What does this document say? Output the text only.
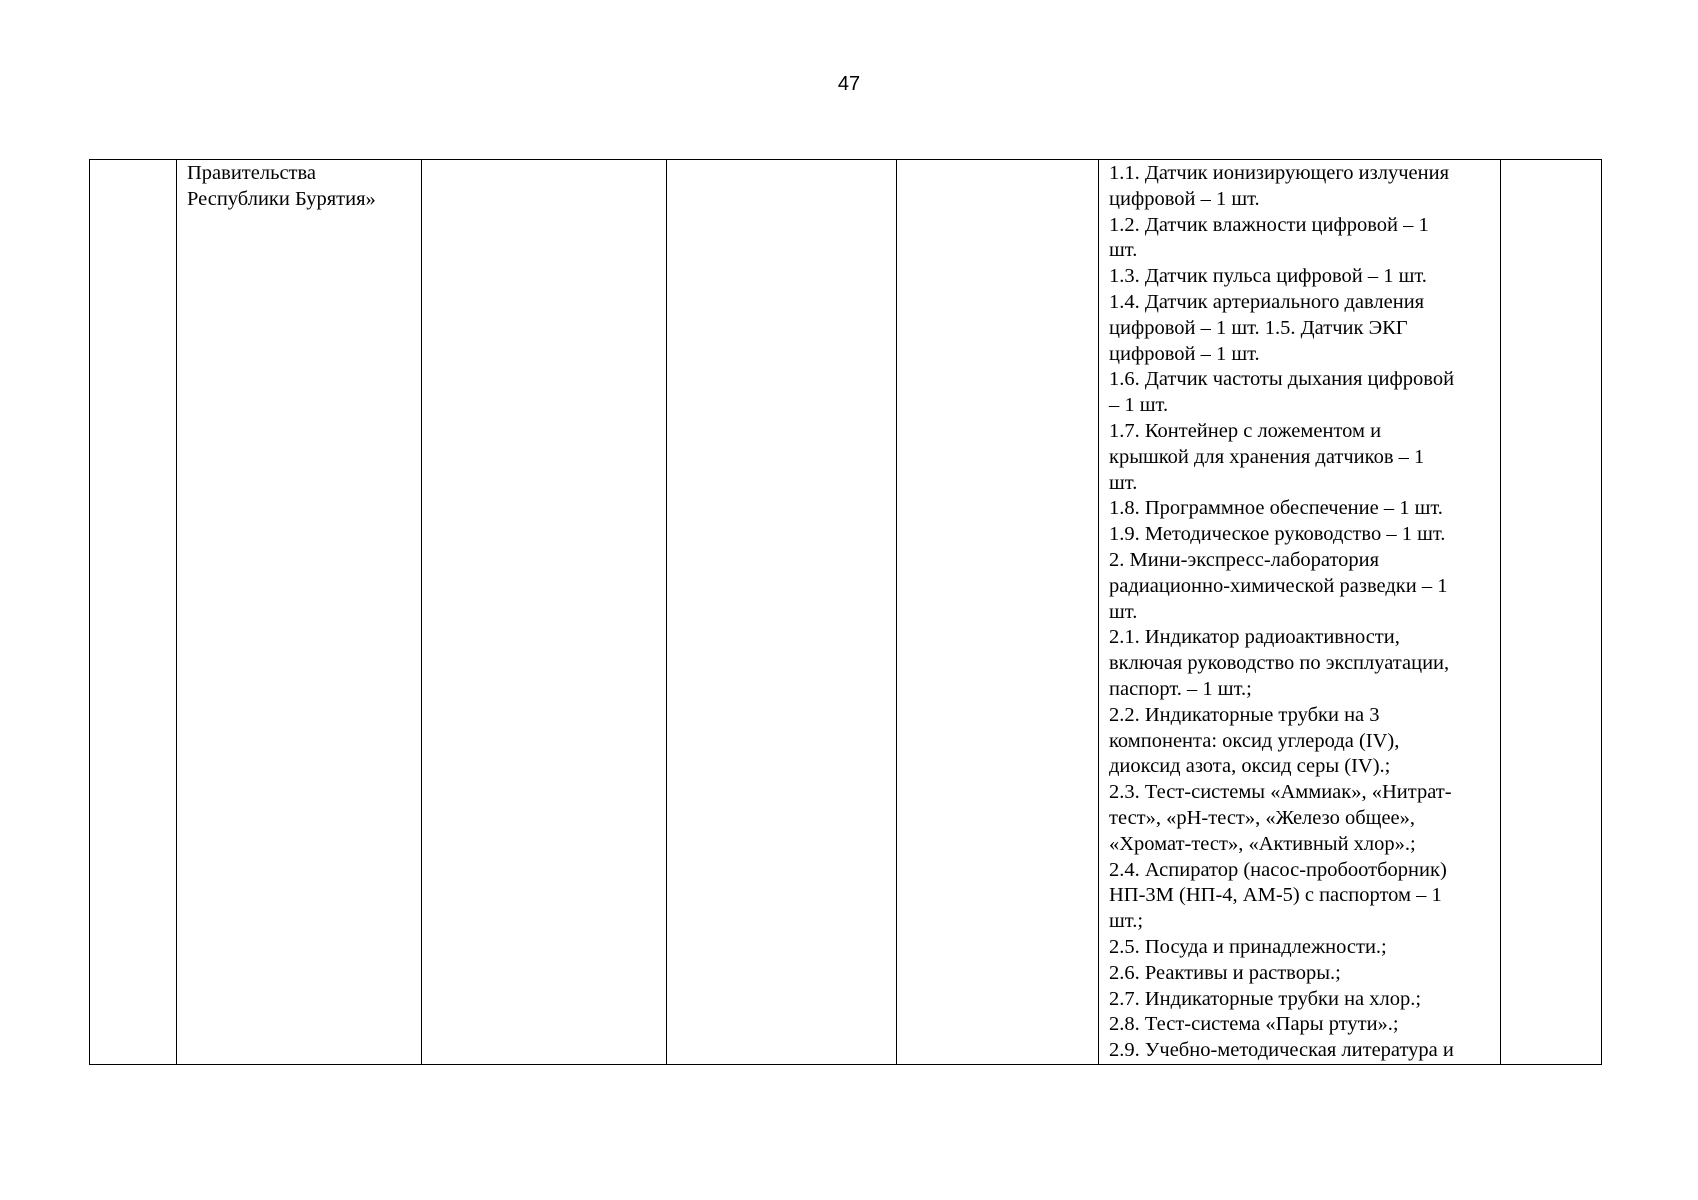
47

Правительства
Республики Бурятия»

1.1. Датчик ионизирующего излучения
цифровой – 1 шт.
1.2. Датчик влажности цифровой – 1
шт.
1.3. Датчик пульса цифровой – 1 шт.
1.4. Датчик артериального давления
цифровой – 1 шт. 1.5. Датчик ЭКГ
цифровой – 1 шт.
1.6. Датчик частоты дыхания цифровой
– 1 шт.
1.7. Контейнер с ложементом и
крышкой для хранения датчиков – 1
шт.
1.8. Программное обеспечение – 1 шт.
1.9. Методическое руководство – 1 шт.
2. Мини-экспресс-лаборатория
радиационно-химической разведки – 1
шт.
2.1. Индикатор радиоактивности,
включая руководство по эксплуатации,
паспорт. – 1 шт.;
2.2. Индикаторные трубки на 3
компонента: оксид углерода (IV),
диоксид азота, оксид серы (IV).;
2.3. Тест-системы «Аммиак», «Нитрат-
тест», «pH-тест», «Железо общее»,
«Хромат-тест», «Активный хлор».;
2.4. Аспиратор (насос-пробоотборник)
НП-3М (НП-4, АМ-5) с паспортом – 1
шт.;
2.5. Посуда и принадлежности.;
2.6. Реактивы и растворы.;
2.7. Индикаторные трубки на хлор.;
2.8. Тест-система «Пары ртути».;
2.9. Учебно-методическая литература и
